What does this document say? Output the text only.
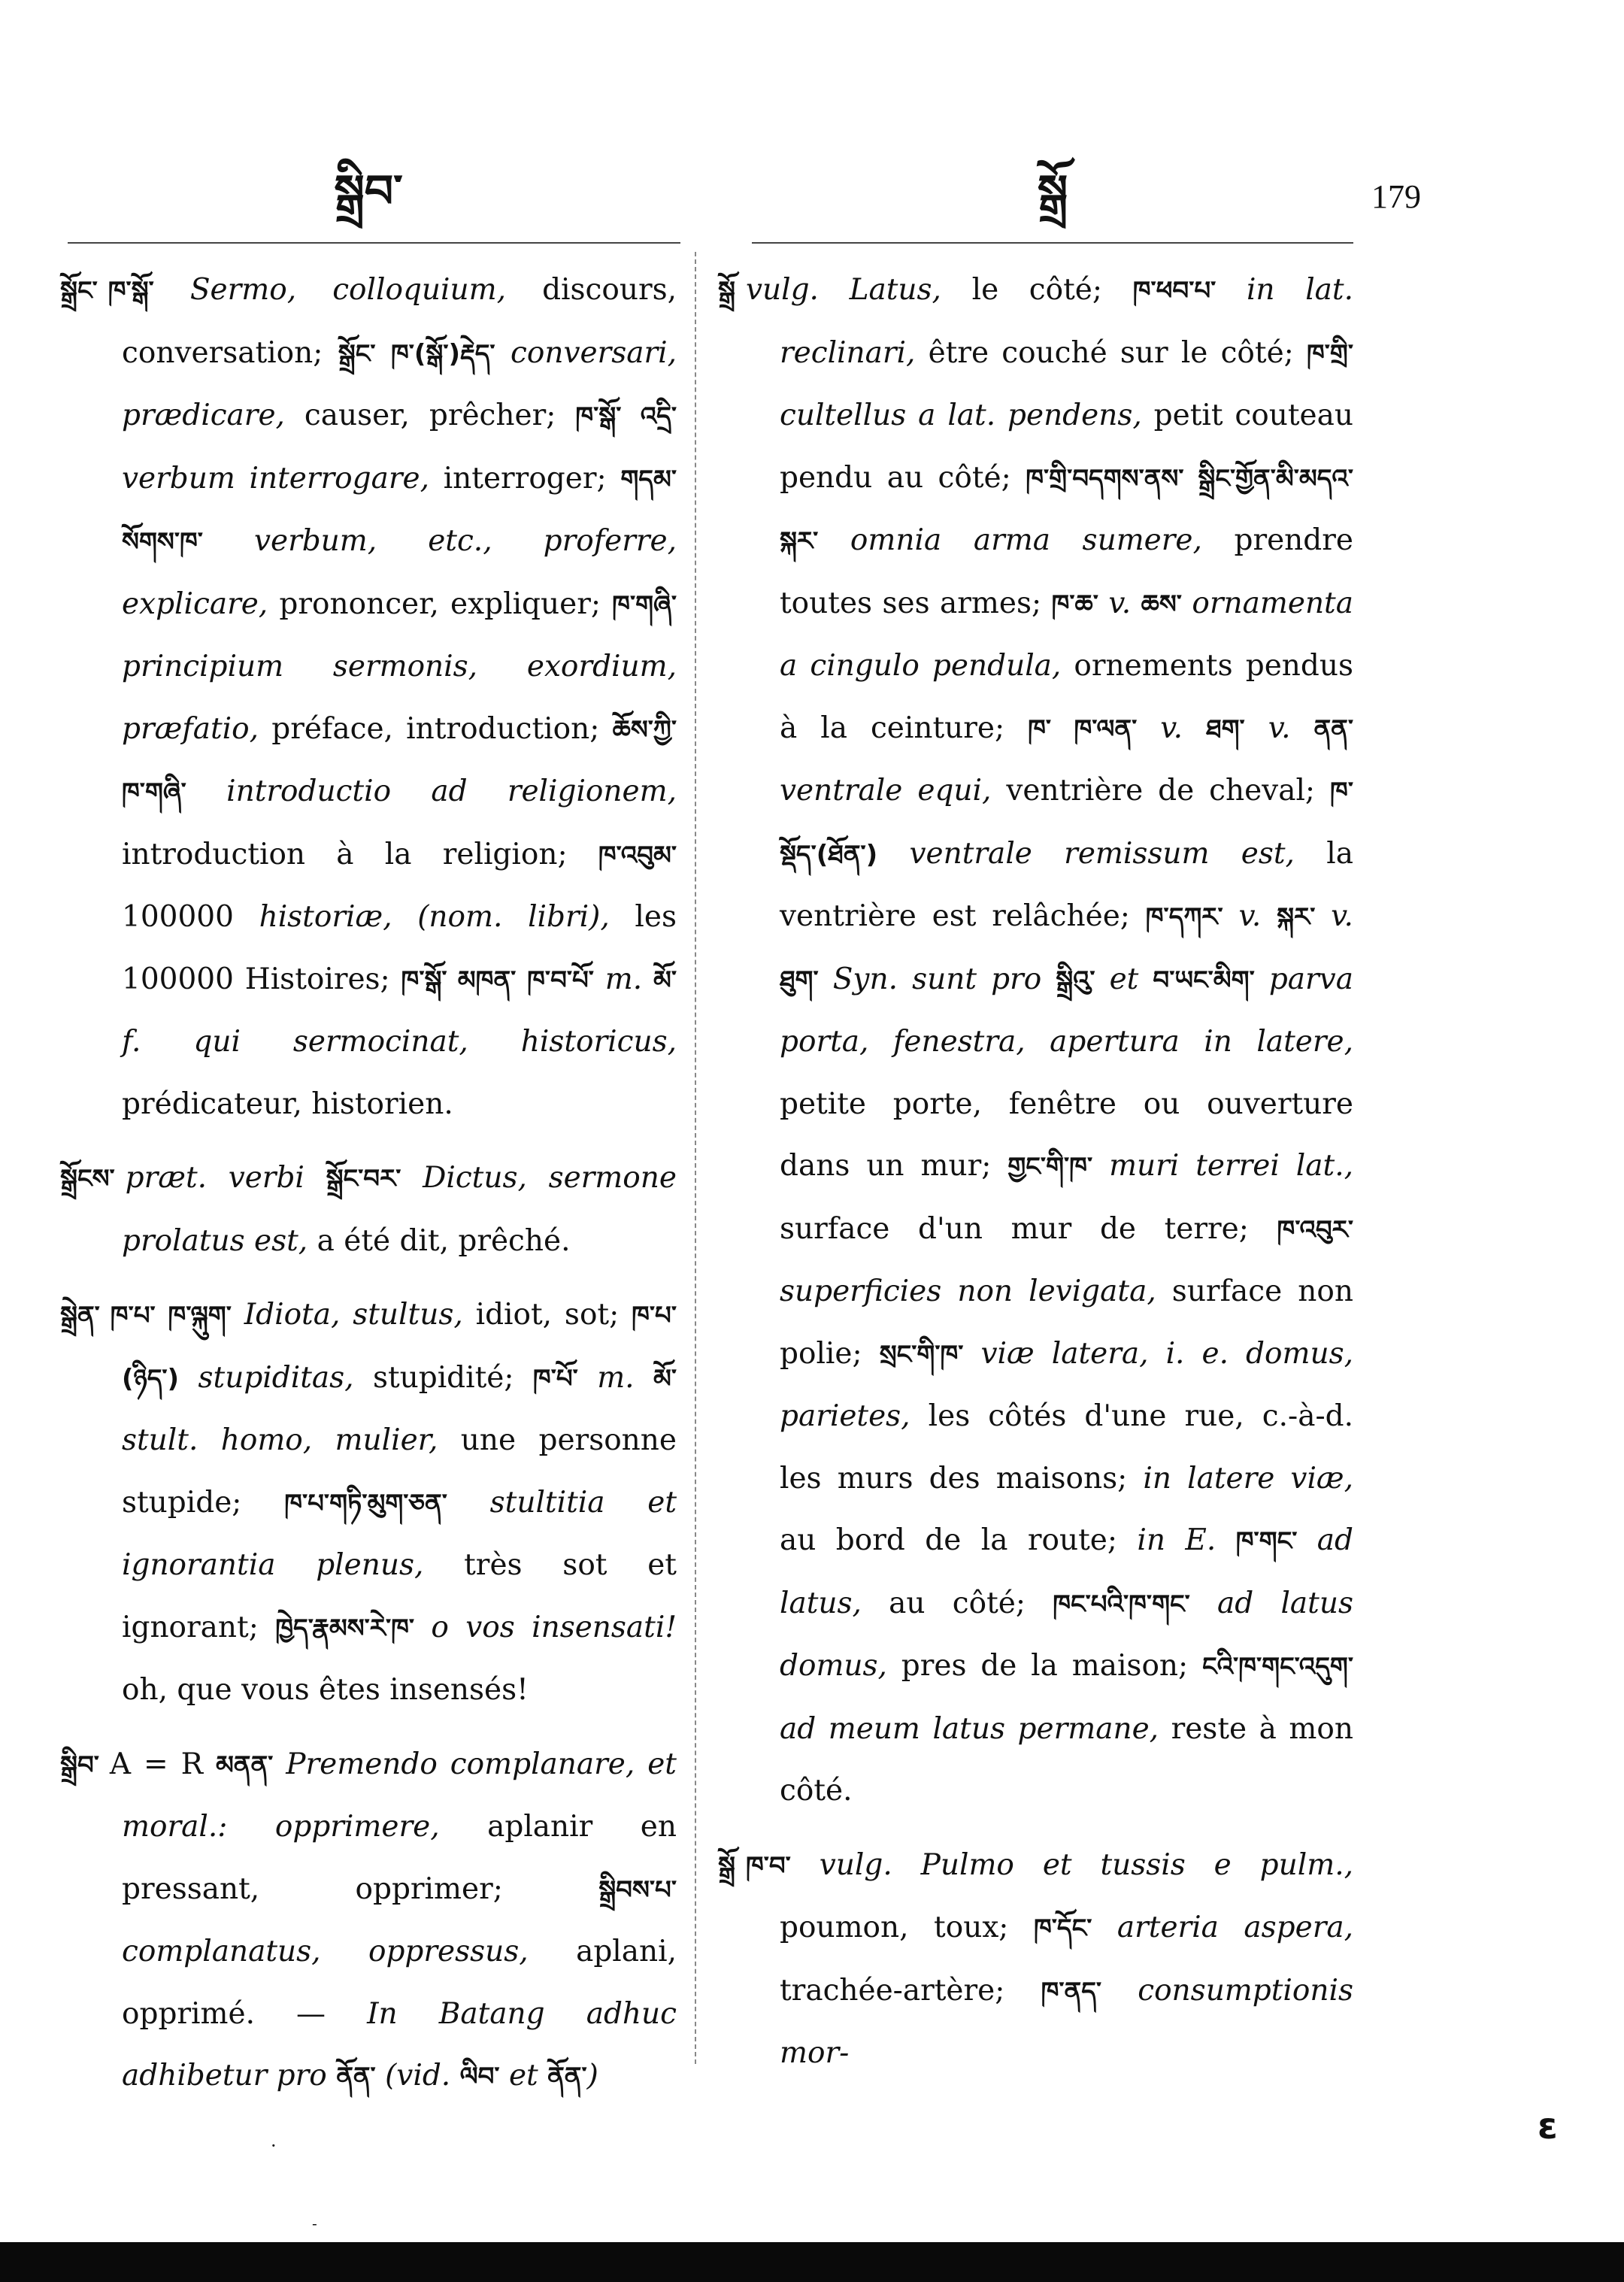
སྒྲིབ་	སྒྲོ	179

སྒྲོང་ ཁ་སྒོ་ Sermo, colloquium, discours, conversation; སྒྲོང་ ཁ་(སྒོ་)རྡེད་ conversari, prædicare, causer, prêcher; ཁ་སྒོ་ འདྲི་ verbum interrogare, interroger; གདམ་སོགས་ཁ་ verbum, etc., proferre, explicare, prononcer, expliquer; ཁ་གཞི་ principium sermonis, exordium, præfatio, préface, introduction; ཆོས་ཀྱི་ཁ་གཞི་ introductio ad religionem, introduction à la religion; ཁ་འབུམ་ 100000 historiæ, (nom. libri), les 100000 Histoires; ཁ་སྒོ་ མཁན་ ཁ་བ་པོ་ m. མོ་ f. qui sermocinat, historicus, prédicateur, historien.

སྒྲོངས་ præt. verbi སྒྲོང་བར་ Dictus, sermone prolatus est, a été dit, prêché.

སྒྲེན་ ཁ་པ་ ཁ་ལྐུག་ Idiota, stultus, idiot, sot; ཁ་པ་(ཉིད་) stupiditas, stupidité; ཁ་པོ་ m. མོ་ stult. homo, mulier, une personne stupide; ཁ་པ་གཏི་མུག་ཅན་ stultitia et ignorantia plenus, très sot et ignorant; ཁྱེད་རྣམས་རེ་ཁ་ o vos insensati! oh, que vous êtes insensés!

སྒྲིབ་ A = R མནན་ Premendo complanare, et moral.: opprimere, aplanir en pressant, opprimer; སྒྲིབས་པ་ complanatus, oppressus, aplani, opprimé. — In Batang adhuc adhibetur pro ནོན་ (vid. ལིབ་ et ནོན་)

སྒྲོ vulg. Latus, le côté; ཁ་ཕབ་པ་ in lat. reclinari, être couché sur le côté; ཁ་གྲི་ cultellus a lat. pendens, petit couteau pendu au côté; ཁ་གྲི་བདགས་ནས་ སྒྲིང་གྱོན་མི་མདའ་སྐར་ omnia arma sumere, prendre toutes ses armes; ཁ་ཆ་ v. ཆས་ ornamenta a cingulo pendula, ornements pendus à la ceinture; ཁ་ ཁ་ལན་ v. ཐག་ v. ནན་ ventrale equi, ventrière de cheval; ཁ་སྡོད་(ཐོན་) ventrale remissum est, la ventrière est relâchée; ཁ་དཀར་ v. སྐར་ v. ཐུག་ Syn. sunt pro སྒྲིའུ་ et བ་ཡང་མིག་ parva porta, fenestra, apertura in latere, petite porte, fenêtre ou ouverture dans un mur; གྱང་གི་ཁ་ muri terrei lat., surface d'un mur de terre; ཁ་འབུར་ superficies non levigata, surface non polie; སྲང་གི་ཁ་ viæ latera, i. e. domus, parietes, les côtés d'une rue, c.-à-d. les murs des maisons; in latere viæ, au bord de la route; in E. ཁ་གང་ ad latus, au côté; ཁང་པའི་ཁ་གང་ ad latus domus, pres de la maison; ངའི་ཁ་གང་འདུག་ ad meum latus permane, reste à mon côté.

སྒྲོ ཁ་བ་ vulg. Pulmo et tussis e pulm., poumon, toux; ཁ་དོང་ arteria aspera, trachée-artère; ཁ་ནད་ consumptionis mor-

ɛ
·
-
